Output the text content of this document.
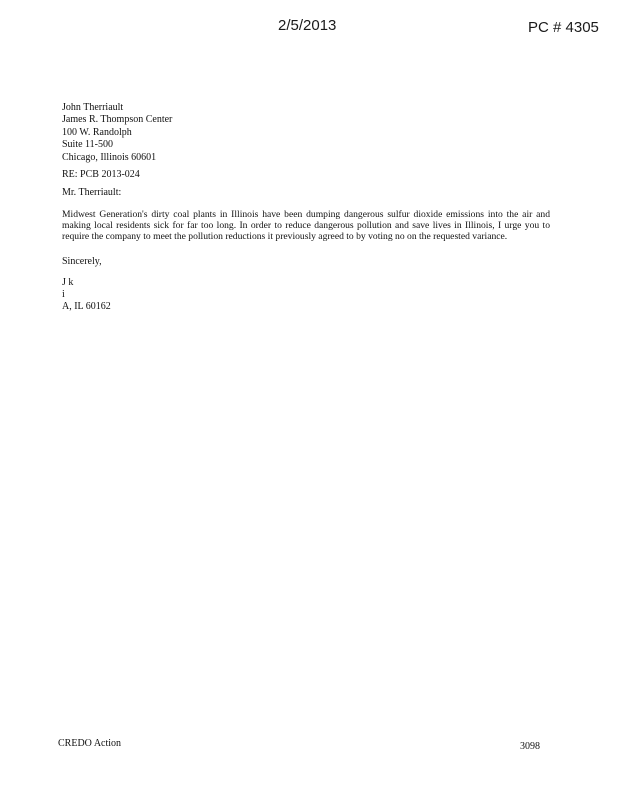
2/5/2013	PC # 4305
John Therriault
James R. Thompson Center
100 W. Randolph
Suite 11-500
Chicago, Illinois 60601
RE: PCB 2013-024
Mr. Therriault:
Midwest Generation's dirty coal plants in Illinois have been dumping dangerous sulfur dioxide emissions into the air and making local residents sick for far too long. In order to reduce dangerous pollution and save lives in Illinois, I urge you to require the company to meet the pollution reductions it previously agreed to by voting no on the requested variance.
Sincerely,
J k
i
A, IL 60162
CREDO Action	3098
